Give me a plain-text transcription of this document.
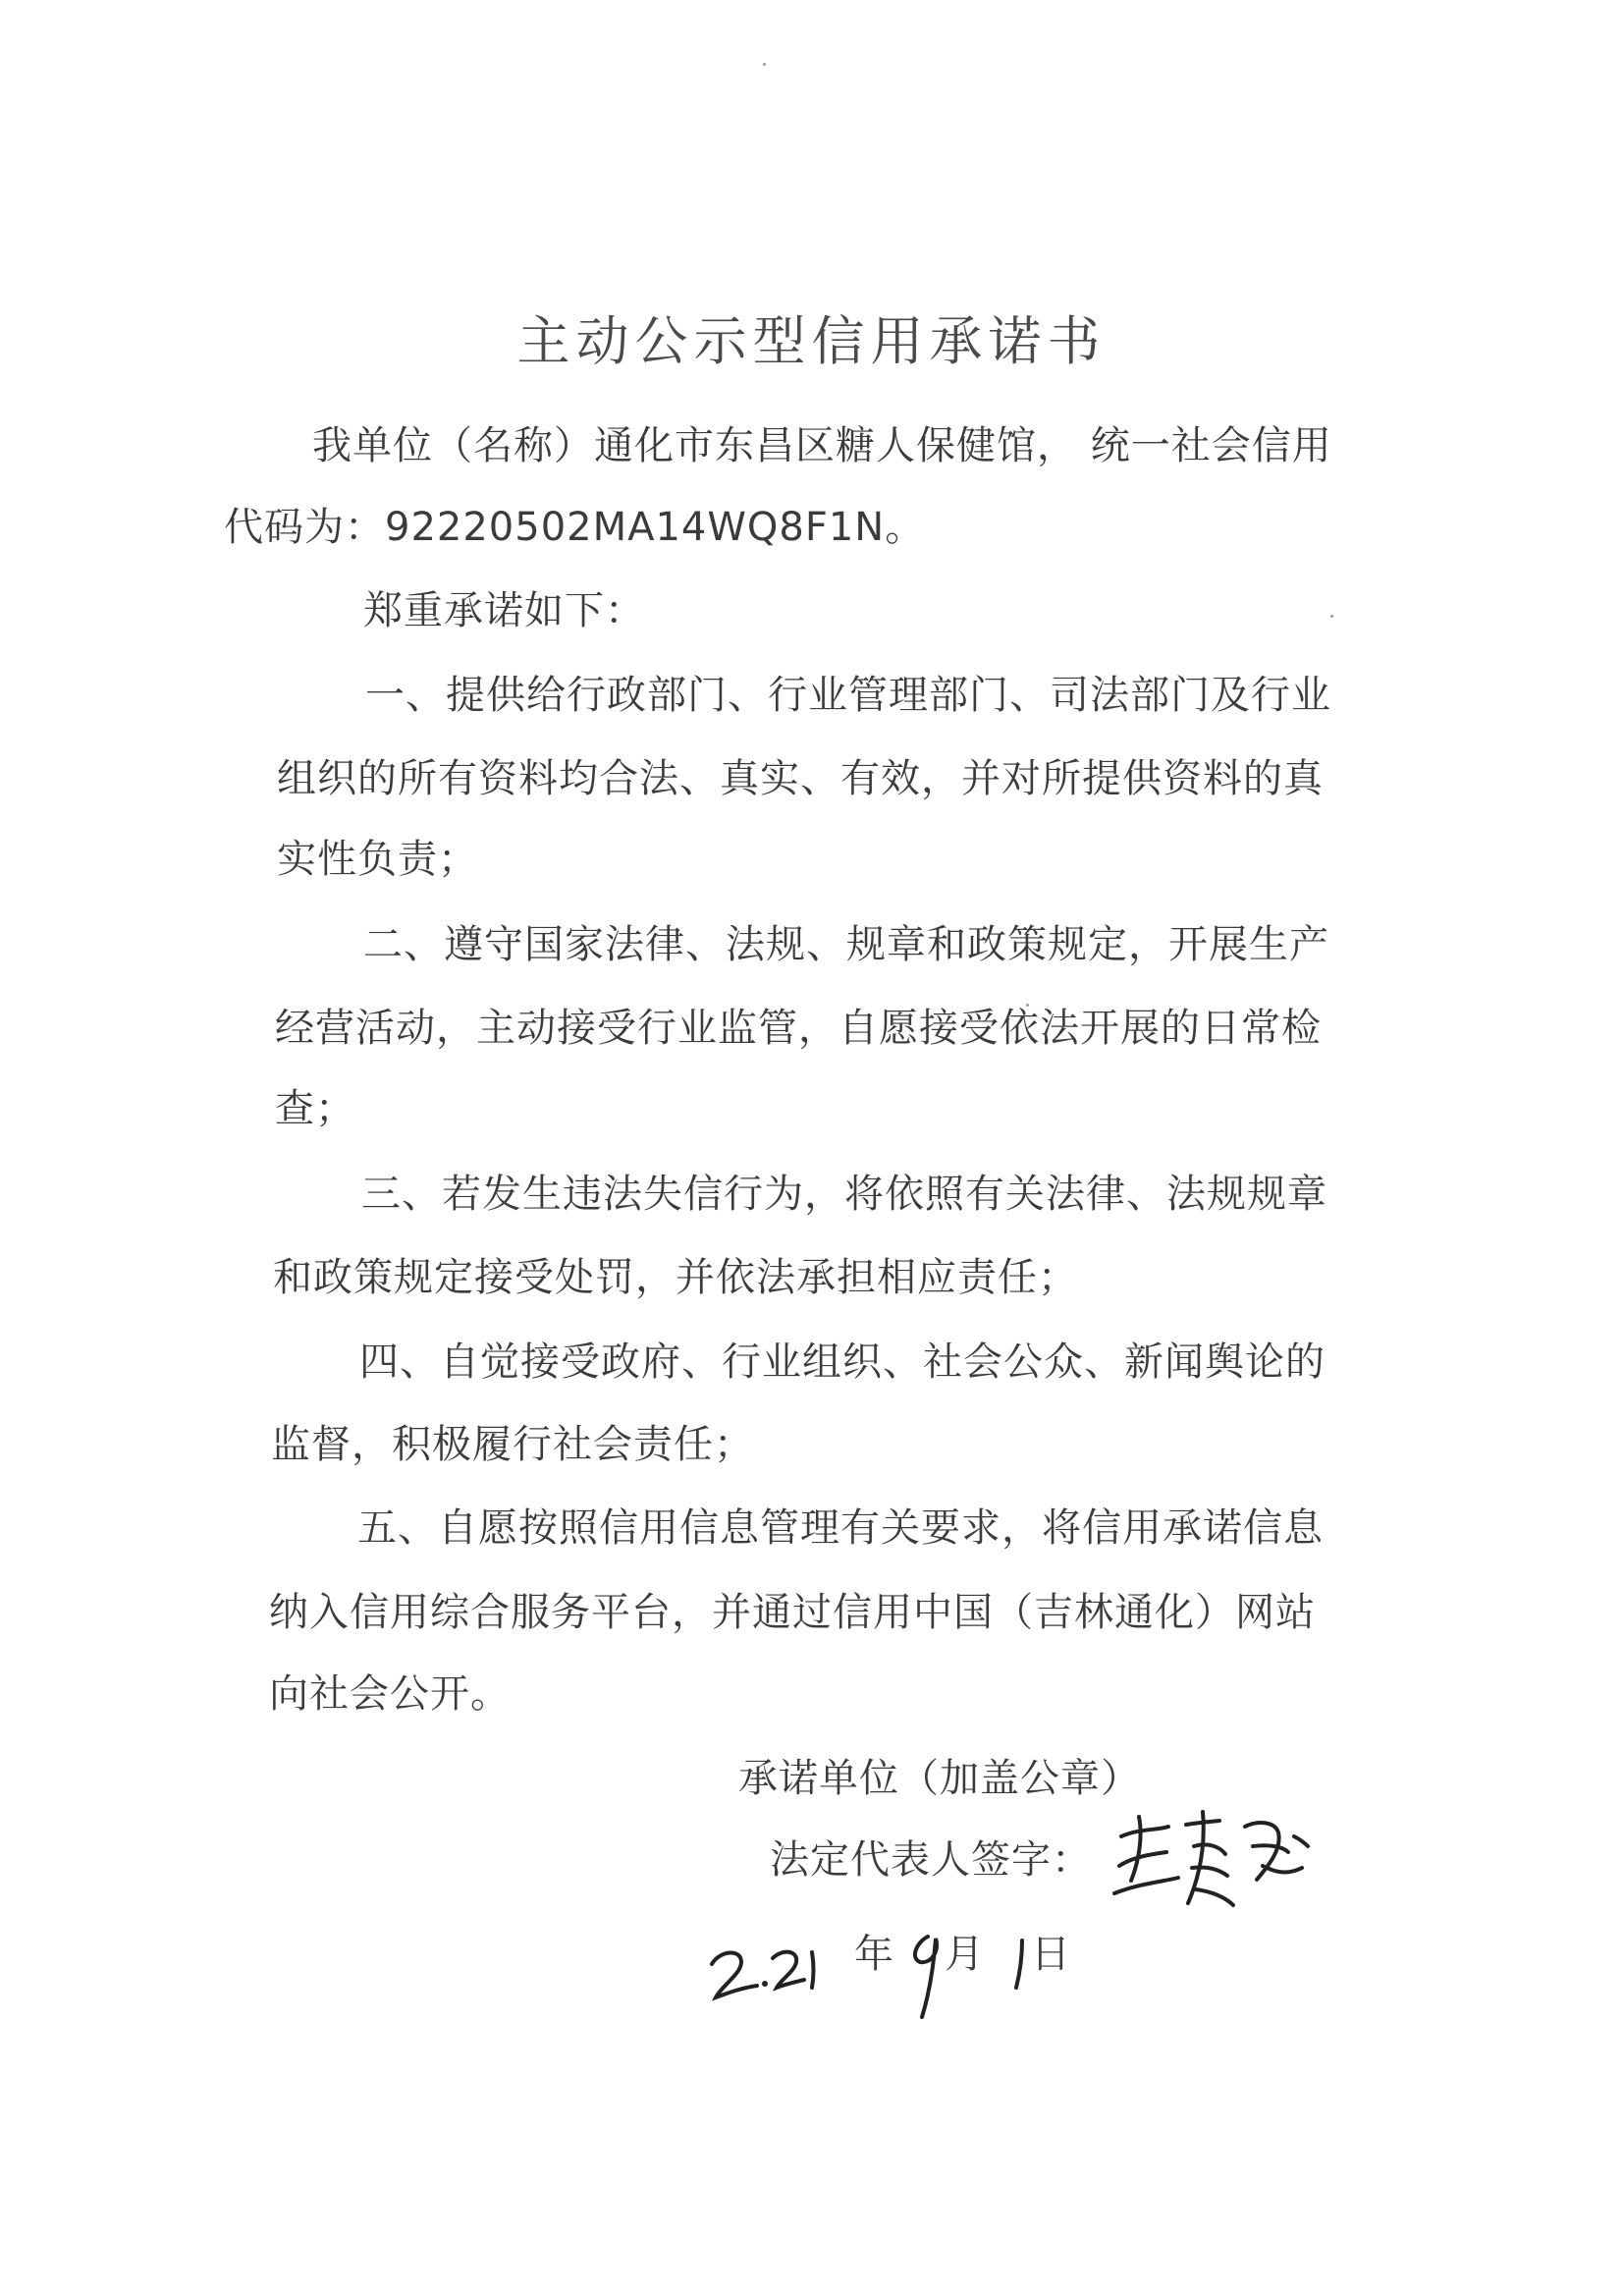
主动公示型信用承诺书
我单位（名称）通化市东昌区糖人保健馆， 统一社会信用
代码为：92220502MA14WQ8F1N。
郑重承诺如下：
一、提供给行政部门、行业管理部门、司法部门及行业
组织的所有资料均合法、真实、有效，并对所提供资料的真
实性负责；
二、遵守国家法律、法规、规章和政策规定，开展生产
经营活动，主动接受行业监管，自愿接受依法开展的日常检
查；
三、若发生违法失信行为，将依照有关法律、法规规章
和政策规定接受处罚，并依法承担相应责任；
四、自觉接受政府、行业组织、社会公众、新闻舆论的
监督，积极履行社会责任；
五、自愿按照信用信息管理有关要求，将信用承诺信息
纳入信用综合服务平台，并通过信用中国（吉林通化）网站
向社会公开。
承诺单位（加盖公章）
法定代表人签字：
年 月 日
